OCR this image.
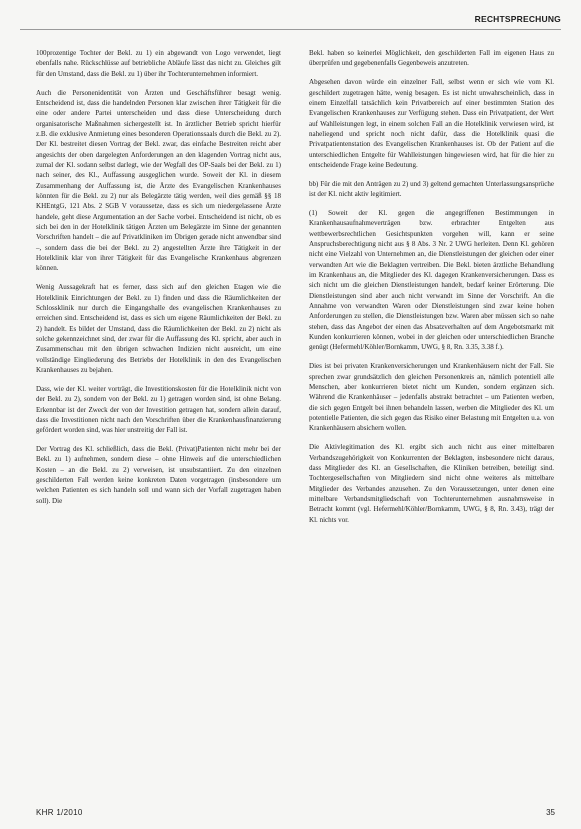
RECHTSPRECHUNG

100prozentige Tochter der Bekl. zu 1) ein abgewandt von Logo verwendet, liegt ebenfalls nahe. Rückschlüsse auf betriebliche Abläufe lässt das nicht zu. Gleiches gilt für den Umstand, dass die Bekl. zu 1) über ihr Tochterunternehmen informiert.

Auch die Personenidentität von Ärzten und Geschäftsführer besagt wenig. Entscheidend ist, dass die handelnden Personen klar zwischen ihrer Tätigkeit für die eine oder andere Partei unterscheiden und dass diese Unterscheidung durch organisatorische Maßnahmen sichergestellt ist. In ärztlicher Betrieb spricht hierfür z.B. die exklusive Anmietung eines besonderen Operationssaals durch die Bekl. zu 2). Der Kl. bestreitet diesen Vortrag der Bekl. zwar, das einfache Bestreiten reicht aber angesichts der oben dargelegten Anforderungen an den klagenden Vortrag nicht aus, zumal der Kl. sodann selbst darlegt, wie der Wegfall des OP-Saals bei der Bekl. zu 1) nach seiner, des Kl., Auffassung ausgeglichen wurde. Soweit der Kl. in diesem Zusammenhang der Auffassung ist, die Ärzte des Evangelischen Krankenhauses könnten für die Bekl. zu 2) nur als Belegärzte tätig werden, weil dies gemäß §§ 18 KHEntgG, 121 Abs. 2 SGB V voraussetze, dass es sich um niedergelassene Ärzte handele, geht diese Argumentation an der Sache vorbei. Entscheidend ist nicht, ob es sich bei den in der Hotelklinik tätigen Ärzten um Belegärzte im Sinne der genannten Vorschriften handelt – die auf Privatkliniken im Übrigen gerade nicht anwendbar sind –, sondern dass die bei der Bekl. zu 2) angestellten Ärzte ihre Tätigkeit in der Hotelklinik klar von ihrer Tätigkeit für das Evangelische Krankenhaus abgrenzen können.

Wenig Aussagekraft hat es ferner, dass sich auf den gleichen Etagen wie die Hotelklinik Einrichtungen der Bekl. zu 1) finden und dass die Räumlichkeiten der Schlossklinik nur durch die Eingangshalle des evangelischen Krankenhauses zu erreichen sind. Entscheidend ist, dass es sich um eigene Räumlichkeiten der Bekl. zu 2) handelt. Es bildet der Umstand, dass die Räumlichkeiten der Bekl. zu 2) nicht als solche gekennzeichnet sind, der zwar für die Auffassung des Kl. spricht, aber auch in Zusammenschau mit den übrigen schwachen Indizien nicht ausreicht, um eine vollständige Eingliederung des Betriebs der Hotelklinik in den des Evangelischen Krankenhauses zu bejahen.

Dass, wie der Kl. weiter vorträgt, die Investitionskosten für die Hotelklinik nicht von der Bekl. zu 2), sondern von der Bekl. zu 1) getragen worden sind, ist ohne Belang. Erkennbar ist der Zweck der von der Investition getragen hat, sondern allein darauf, dass die Investitionen nicht nach den Vorschriften über die Krankenhausfinanzierung gefördert worden sind, was hier unstreitig der Fall ist.

Der Vortrag des Kl. schließlich, dass die Bekl. (Privat)Patienten nicht mehr bei der Bekl. zu 1) aufnehmen, sondern diese – ohne Hinweis auf die unterschiedlichen Kosten – an die Bekl. zu 2) verweisen, ist unsubstantiiert. Zu den einzelnen geschilderten Fall werden keine konkreten Daten vorgetragen (insbesondere um welchen Patienten es sich handeln soll und wann sich der Vorfall zugetragen haben soll). Die

Bekl. haben so keinerlei Möglichkeit, den geschilderten Fall im eigenen Haus zu überprüfen und gegebenenfalls Gegenbeweis anzutreten.

Abgesehen davon würde ein einzelner Fall, selbst wenn er sich wie vom Kl. geschildert zugetragen hätte, wenig besagen. Es ist nicht unwahrscheinlich, dass in einem Einzelfall tatsächlich kein Privatbereich auf einer bestimmten Station des Evangelischen Krankenhauses zur Verfügung stehen. Dass ein Privatpatient, der Wert auf Wahlleistungen legt, in einem solchen Fall an die Hotelklinik verwiesen wird, ist naheliegend und spricht noch nicht dafür, dass die Hotelklinik quasi die Privatpatientenstation des Evangelischen Krankenhauses ist. Ob der Patient auf die unterschiedlichen Entgelte für Wahlleistungen hingewiesen wird, hat für die hier zu entscheidende Frage keine Bedeutung.

bb) Für die mit den Anträgen zu 2) und 3) geltend gemachten Unterlassungsansprüche ist der Kl. nicht aktiv legitimiert.

(1) Soweit der Kl. gegen die angegriffenen Bestimmungen in Krankenhausaufnahmeverträgen bzw. erbrachter Entgelten aus wettbewerbsrechtlichen Gesichtspunkten vorgehen will, kann er seine Anspruchsberechtigung nicht aus § 8 Abs. 3 Nr. 2 UWG herleiten. Denn Kl. gehören nicht eine Vielzahl von Unternehmen an, die Dienstleistungen der gleichen oder einer verwandten Art wie die Beklagten vertreiben. Die Bekl. bieten ärztliche Behandlung im Krankenhaus an, die Mitglieder des Kl. dagegen Krankenversicherungen. Dass es sich nicht um die gleichen Dienstleistungen handelt, bedarf keiner Erörterung. Die Dienstleistungen sind aber auch nicht verwandt im Sinne der Vorschrift. An die Annahme von verwandten Waren oder Dienstleistungen sind zwar keine hohen Anforderungen zu stellen, die Dienstleistungen bzw. Waren aber müssen sich so nahe stehen, dass das Angebot der einen das Absatzverhalten auf dem Angebotsmarkt mit Kunden konkurrieren können, wobei in der gleichen oder unterschiedlichen Branche genügt (Hefermehl/Köhler/Bornkamm, UWG, § 8, Rn. 3.35, 3.38 f.).

Dies ist bei privaten Krankenversicherungen und Krankenhäusern nicht der Fall. Sie sprechen zwar grundsätzlich den gleichen Personenkreis an, nämlich potentiell alle Menschen, aber konkurrieren bietet nicht um Kunden, sondern ergänzen sich. Während die Krankenhäuser – jedenfalls abstrakt betrachtet – um Patienten werben, die sich gegen Entgelt bei ihnen behandeln lassen, werben die Mitglieder des Kl. um potentielle Patienten, die sich gegen das Risiko einer Belastung mit Entgelten u.a. von Krankenhäusern absichern wollen.

Die Aktivlegitimation des Kl. ergibt sich auch nicht aus einer mittelbaren Verbandszugehörigkeit von Konkurrenten der Beklagten, insbesondere nicht daraus, dass Mitglieder des Kl. an Gesellschaften, die Kliniken betreiben, beteiligt sind. Tochtergesellschaften von Mitgliedern sind nicht ohne weiteres als mittelbare Mitglieder des Verbandes anzusehen. Zu den Voraussetzungen, unter denen eine mittelbare Verbandsmitgliedschaft von Tochterunternehmen ausnahmsweise in Betracht kommt (vgl. Hefermehl/Köhler/Bornkamm, UWG, § 8, Rn. 3.43), trägt der Kl. nichts vor.

KHR 1/2010	35
